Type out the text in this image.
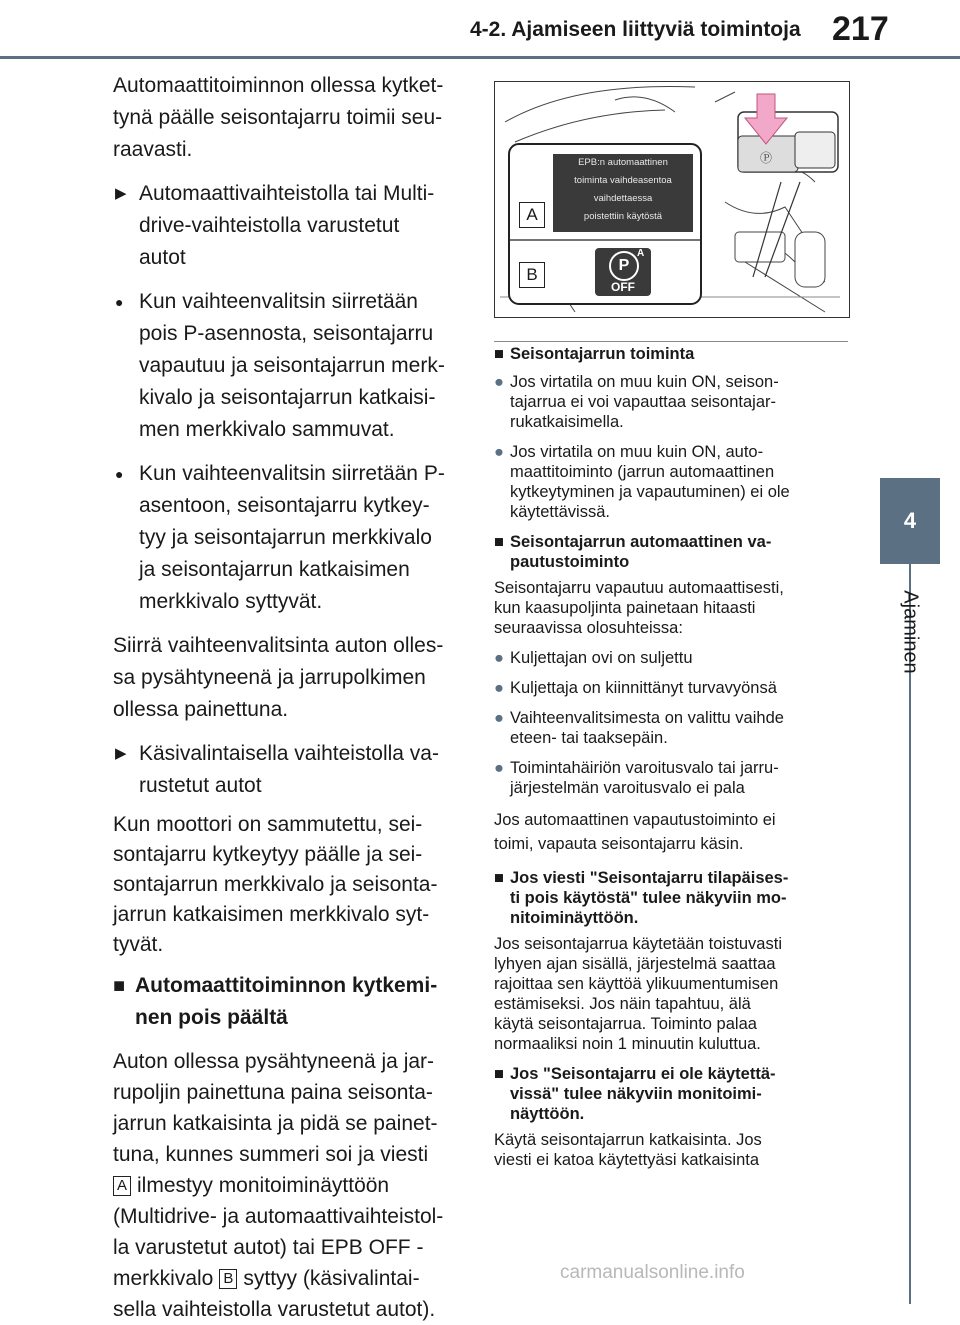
4-2. Ajamiseen liittyviä toimintoja 217
4
Ajaminen

Automaattitoiminnon ollessa kytket-
tynä päälle seisontajarru toimii seu-
raavasti.

▶ Automaattivaihteistolla tai Multi-
drive-vaihteistolla varustetut
autot
● Kun vaihteenvalitsin siirretään
pois P-asennosta, seisontajarru
vapautuu ja seisontajarrun merk-
kivalo ja seisontajarrun katkaisi-
men merkkivalo sammuvat.
● Kun vaihteenvalitsin siirretään P-
asentoon, seisontajarru kytkey-
tyy ja seisontajarrun merkkivalo
ja seisontajarrun katkaisimen
merkkivalo syttyvät.

Siirrä vaihteenvalitsinta auton olles-
sa pysähtyneenä ja jarrupolkimen
ollessa painettuna.

▶ Käsivalintaisella vaihteistolla va-
rustetut autot

Kun moottori on sammutettu, sei-
sontajarru kytkeytyy päälle ja sei-
sontajarrun merkkivalo ja seisonta-
jarrun katkaisimen merkkivalo syt-
tyvät.

■ Automaattitoiminnon kytkemi-
nen pois päältä

Auton ollessa pysähtyneenä ja jar-
rupoljin painettuna paina seisonta-
jarrun katkaisinta ja pidä se painet-
tuna, kunnes summeri soi ja viesti
A ilmestyy monitoiminäyttöön
(Multidrive- ja automaattivaihteistol-
la varustetut autot) tai EPB OFF -
merkkivalo B syttyy (käsivalintai-
sella vaihteistolla varustetut autot).

Ⓟ
EPB:n automaattinen
toiminta vaihdeasentoa
vaihdettaessa
poistettiin käytöstä
A
B	P
A
OFF
■ Seisontajarrun toiminta
● Jos virtatila on muu kuin ON, seison-
tajarrua ei voi vapauttaa seisontajar-
rukatkaisimella.
● Jos virtatila on muu kuin ON, auto-
maattitoiminto (jarrun automaattinen
kytkeytyminen ja vapautuminen) ei ole
käytettävissä.
■ Seisontajarrun automaattinen va-
pautustoiminto
Seisontajarru vapautuu automaattisesti,
kun kaasupoljinta painetaan hitaasti
seuraavissa olosuhteissa:
● Kuljettajan ovi on suljettu
● Kuljettaja on kiinnittänyt turvavyönsä
● Vaihteenvalitsimesta on valittu vaihde
eteen- tai taaksepäin.
● Toimintahäiriön varoitusvalo tai jarru-
järjestelmän varoitusvalo ei pala
Jos automaattinen vapautustoiminto ei
toimi, vapauta seisontajarru käsin.
■ Jos viesti "Seisontajarru tilapäises-
ti pois käytöstä" tulee näkyviin mo-
nitoiminäyttöön.
Jos seisontajarrua käytetään toistuvasti
lyhyen ajan sisällä, järjestelmä saattaa
rajoittaa sen käyttöä ylikuumentumisen
estämiseksi. Jos näin tapahtuu, älä
käytä seisontajarrua. Toiminto palaa
normaaliksi noin 1 minuutin kuluttua.
■ Jos "Seisontajarru ei ole käytettä-
vissä" tulee näkyviin monitoimi-
näyttöön.
Käytä seisontajarrun katkaisinta. Jos
viesti ei katoa käytettyäsi katkaisinta
carmanualsonline.info
